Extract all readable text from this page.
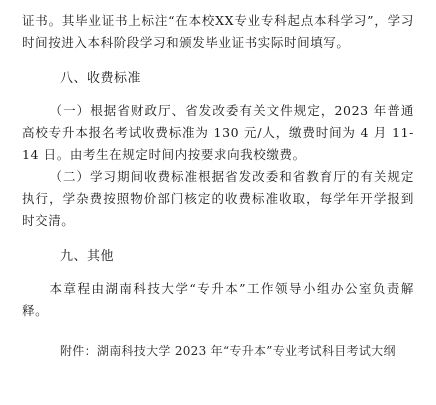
证书。其毕业证书上标注“在本校XX专业专科起点本科学习”，学习时间按进入本科阶段学习和颁发毕业证书实际时间填写。

八、收费标准

（一）根据省财政厅、省发改委有关文件规定，2023 年普通高校专升本报名考试收费标准为 130 元/人，缴费时间为 4 月 11-14 日。由考生在规定时间内按要求向我校缴费。

（二）学习期间收费标准根据省发改委和省教育厅的有关规定执行，学杂费按照物价部门核定的收费标准收取，每学年开学报到时交清。

九、其他

本章程由湖南科技大学“专升本”工作领导小组办公室负责解释。

附件：湖南科技大学 2023 年“专升本”专业考试科目考试大纲
